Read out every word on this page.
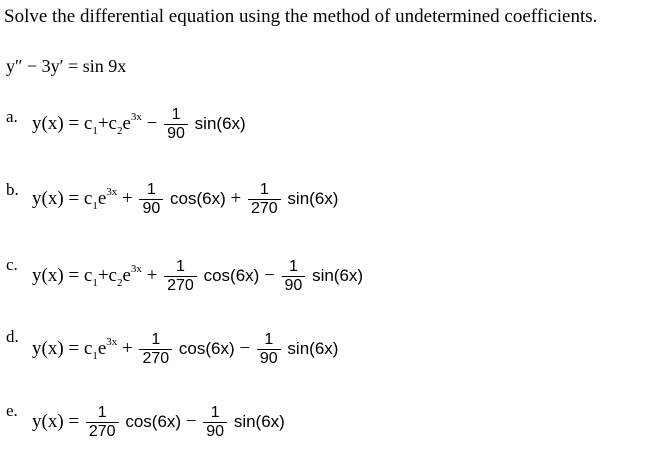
Solve the differential equation using the method of undetermined coefficients.
y″ − 3y′ = sin 9x
a. $y(x) = c_1+c_2e^{3x} - \frac{1}{90} \sin(6x)$
b. $y(x) = c_1e^{3x} + \frac{1}{90} \cos(6x) + \frac{1}{270} \sin(6x)$
c.
$y(x) = c_1+c_2e^{3x} + \frac{1}{270} \cos(6x) - \frac{1}{90} \sin(6x)$
d.
$y(x) = c_1e^{3x} + \frac{1}{270} \cos(6x) - \frac{1}{90} \sin(6x)$
e.
$y(x) = \frac{1}{270} \cos(6x) - \frac{1}{90} \sin(6x)$
